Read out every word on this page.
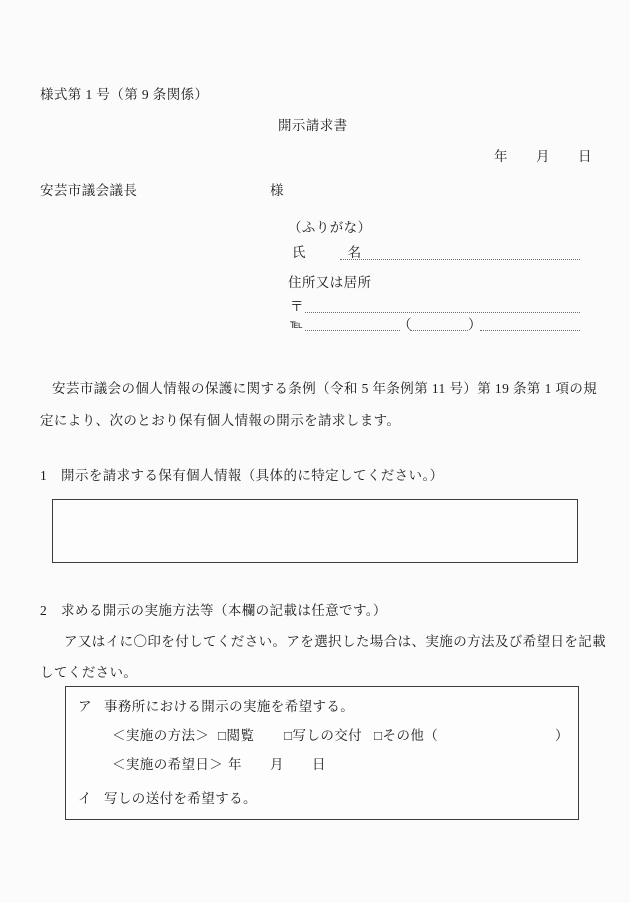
様式第 1 号（第 9 条関係）
開示請求書
年　　月　　日
安芸市議会議長	様
（ふりがな）
氏　　　名
住所又は居所
〒
℡	（	）
安芸市議会の個人情報の保護に関する条例（令和 5 年条例第 11 号）第 19 条第 1 項の規
定により、次のとおり保有個人情報の開示を請求します。
1　開示を請求する保有個人情報（具体的に特定してください。）
2　求める開示の実施方法等（本欄の記載は任意です。）
ア又はイに〇印を付してください。アを選択した場合は、実施の方法及び希望日を記載
してください。
ア 事務所における開示の実施を希望する。
＜実施の方法＞ □閲覧 □写しの交付 □その他（	）
＜実施の希望日＞ 年　　月　　日
イ 写しの送付を希望する。
